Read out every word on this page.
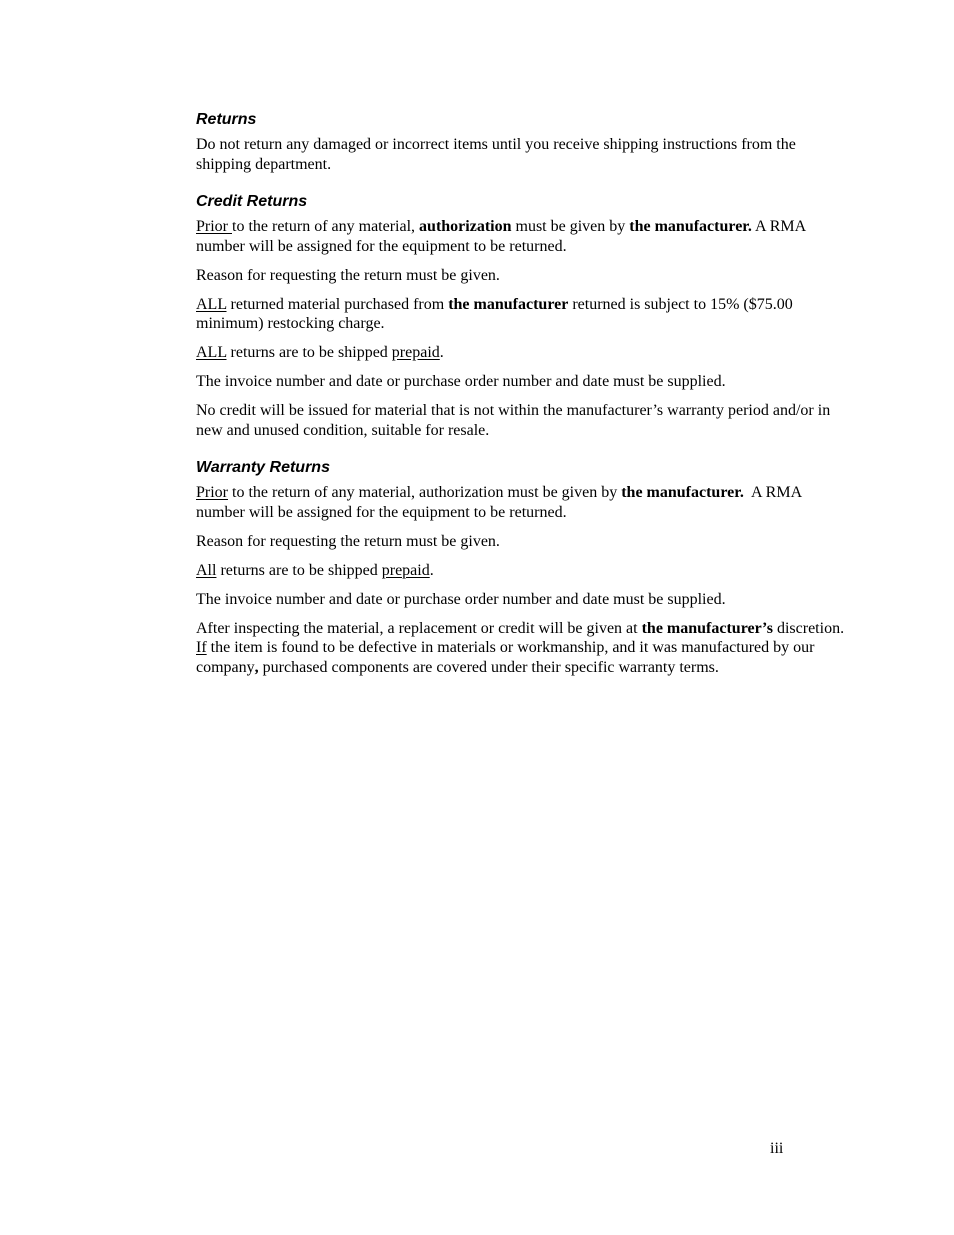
Returns

Do not return any damaged or incorrect items until you receive shipping instructions from the shipping department.

Credit Returns

Prior to the return of any material, authorization must be given by the manufacturer. A RMA number will be assigned for the equipment to be returned.

Reason for requesting the return must be given.

ALL returned material purchased from the manufacturer returned is subject to 15% ($75.00 minimum) restocking charge.

ALL returns are to be shipped prepaid.

The invoice number and date or purchase order number and date must be supplied.

No credit will be issued for material that is not within the manufacturer’s warranty period and/or in new and unused condition, suitable for resale.

Warranty Returns

Prior to the return of any material, authorization must be given by the manufacturer.  A RMA number will be assigned for the equipment to be returned.

Reason for requesting the return must be given.

All returns are to be shipped prepaid.

The invoice number and date or purchase order number and date must be supplied.

After inspecting the material, a replacement or credit will be given at the manufacturer’s discretion.  If the item is found to be defective in materials or workmanship, and it was manufactured by our company, purchased components are covered under their specific warranty terms.

iii
